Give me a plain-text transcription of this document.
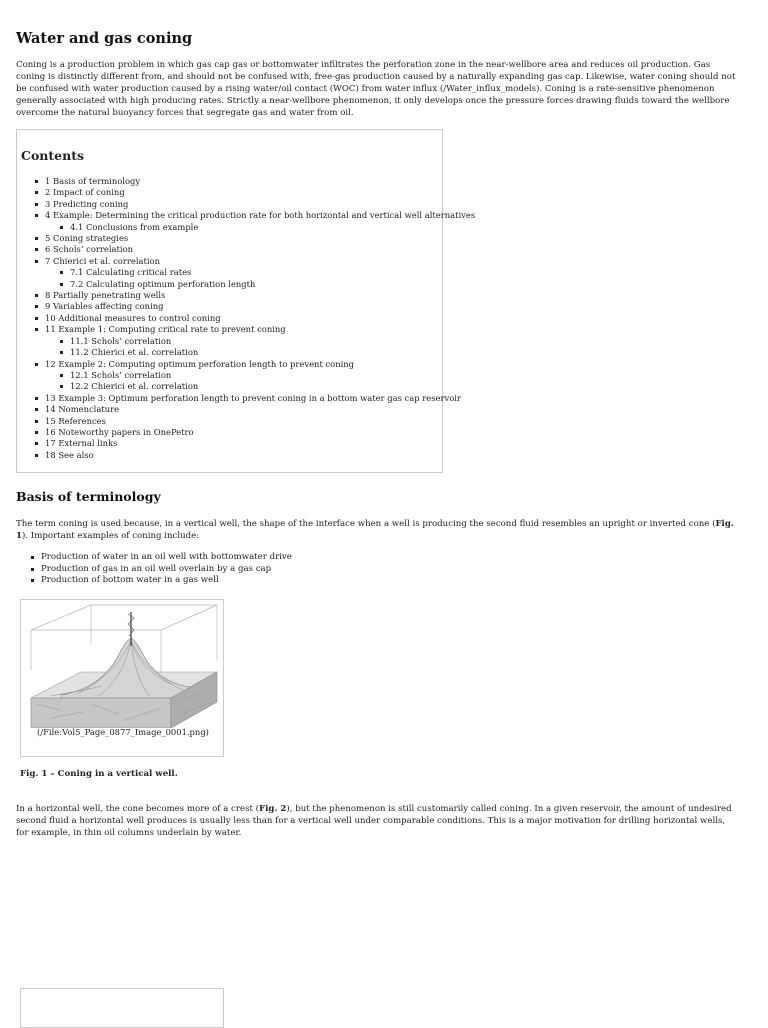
Water and gas coning

Coning is a production problem in which gas cap gas or bottomwater infiltrates the perforation zone in the near-wellbore area and reduces oil production. Gas coning is distinctly different from, and should not be confused with, free-gas production caused by a naturally expanding gas cap. Likewise, water coning should not be confused with water production caused by a rising water/oil contact (WOC) from water influx (/Water_influx_models). Coning is a rate-sensitive phenomenon generally associated with high producing rates. Strictly a near-wellbore phenomenon, it only develops once the pressure forces drawing fluids toward the wellbore overcome the natural buoyancy forces that segregate gas and water from oil.

Contents
1 Basis of terminology
2 Impact of coning
3 Predicting coning
4 Example: Determining the critical production rate for both horizontal and vertical well alternatives
4.1 Conclusions from example
5 Coning strategies
6 Schols’ correlation
7 Chierici et al. correlation
7.1 Calculating critical rates
7.2 Calculating optimum perforation length
8 Partially penetrating wells
9 Variables affecting coning
10 Additional measures to control coning
11 Example 1: Computing critical rate to prevent coning
11.1 Schols’ correlation
11.2 Chierici et al. correlation
12 Example 2: Computing optimum perforation length to prevent coning
12.1 Schols’ correlation
12.2 Chierici et al. correlation
13 Example 3: Optimum perforation length to prevent coning in a bottom water gas cap reservoir
14 Nomenclature
15 References
16 Noteworthy papers in OnePetro
17 External links
18 See also
Basis of terminology

The term coning is used because, in a vertical well, the shape of the interface when a well is producing the second fluid resembles an upright or inverted cone (Fig. 1). Important examples of coning include:

Production of water in an oil well with bottomwater drive
Production of gas in an oil well overlain by a gas cap
Production of bottom water in a gas well
(/File:Vol5_Page_0877_Image_0001.png)
Fig. 1 – Coning in a vertical well.

In a horizontal well, the cone becomes more of a crest (Fig. 2), but the phenomenon is still customarily called coning. In a given reservoir, the amount of undesired second fluid a horizontal well produces is usually less than for a vertical well under comparable conditions. This is a major motivation for drilling horizontal wells, for example, in thin oil columns underlain by water.
